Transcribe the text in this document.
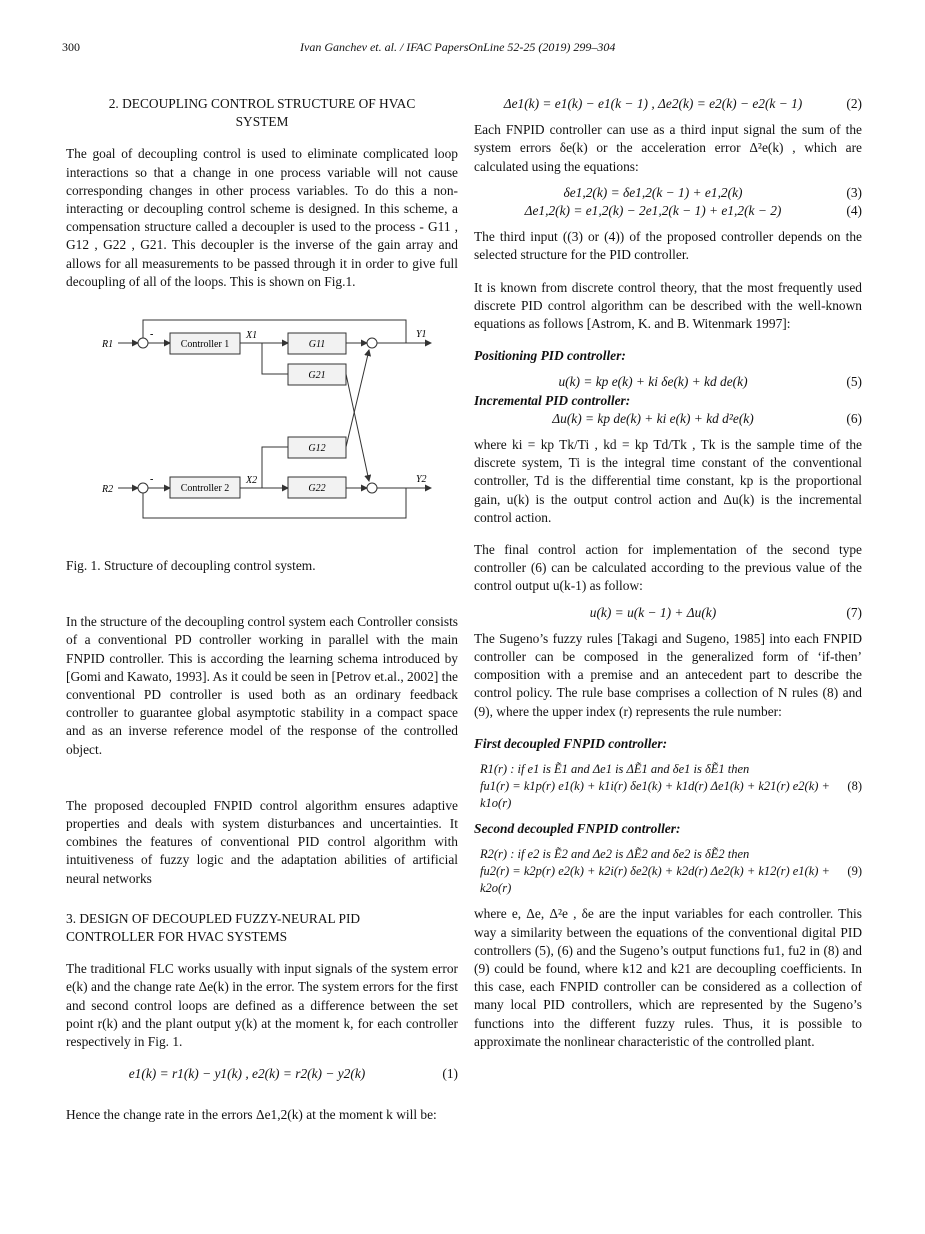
300	Ivan Ganchev et. al. / IFAC PapersOnLine 52-25 (2019) 299–304

2. DECOUPLING CONTROL STRUCTURE OF HVAC

SYSTEM

The goal of decoupling control is used to eliminate complicated loop interactions so that a change in one process variable will not cause corresponding changes in other process variables. To do this a non-interacting or decoupling control scheme is designed. In this scheme, a compensation structure called a decoupler is used to the process - G11 , G12 , G22 , G21. This decoupler is the inverse of the gain array and allows for all measurements to be passed through it in order to give full decoupling of all of the loops. This is shown on Fig.1.

R1
R2
-
-
Controller 1
Controller 2
X1
X2
G11
G21
G12
G22
Y1
Y2

Fig. 1. Structure of decoupling control system.

In the structure of the decoupling control system each Controller consists of a conventional PD controller working in parallel with the main FNPID controller. This is according the learning schema introduced by [Gomi and Kawato, 1993]. As it could be seen in [Petrov et.al., 2002] the conventional PD controller is used both as an ordinary feedback controller to guarantee global asymptotic stability in a compact space and as an inverse reference model of the response of the controlled object.

The proposed decoupled FNPID control algorithm ensures adaptive properties and deals with system disturbances and uncertainties. It combines the features of conventional PID control algorithm with intuitiveness of fuzzy logic and the adaptation abilities of artificial neural networks

3. DESIGN OF DECOUPLED FUZZY-NEURAL PID

CONTROLLER FOR HVAC SYSTEMS

The traditional FLC works usually with input signals of the system error e(k) and the change rate Δe(k) in the error. The system errors for the first and second control loops are defined as a difference between the set point r(k) and the plant output y(k) at the moment k, for each controller respectively in Fig. 1.

e1(k) = r1(k) − y1(k) , e2(k) = r2(k) − y2(k)	(1)

Hence the change rate in the errors Δe1,2(k) at the moment k will be:

Δe1(k) = e1(k) − e1(k − 1) , Δe2(k) = e2(k) − e2(k − 1)	(2)

Each FNPID controller can use as a third input signal the sum of the system errors δe(k) or the acceleration error Δ²e(k) , which are calculated using the equations:

δe1,2(k) = δe1,2(k − 1) + e1,2(k)	(3)
Δe1,2(k) = e1,2(k) − 2e1,2(k − 1) + e1,2(k − 2)	(4)

The third input ((3) or (4)) of the proposed controller depends on the selected structure for the PID controller.

It is known from discrete control theory, that the most frequently used discrete PID control algorithm can be described with the well-known equations as follows [Astrom, K. and B. Witenmark 1997]:

Positioning PID controller:

u(k) = kp e(k) + ki δe(k) + kd de(k)	(5)

Incremental PID controller:

Δu(k) = kp de(k) + ki e(k) + kd d²e(k)	(6)

where ki = kp Tk/Ti , kd = kp Td/Tk , Tk is the sample time of the discrete system, Ti is the integral time constant of the conventional controller, Td is the differential time constant, kp is the proportional gain, u(k) is the output control action and Δu(k) is the incremental control action.

The final control action for implementation of the second type controller (6) can be calculated according to the previous value of the control output u(k-1) as follow:

u(k) = u(k − 1) + Δu(k)	(7)

The Sugeno’s fuzzy rules [Takagi and Sugeno, 1985] into each FNPID controller can be composed in the generalized form of ‘if-then’ composition with a premise and an antecedent part to describe the control policy. The rule base comprises a collection of N rules (8) and (9), where the upper index (r) represents the rule number:

First decoupled FNPID controller:

R1(r) : if e1 is Ẽ1 and Δe1 is ΔẼ1 and δe1 is δẼ1 then
fu1(r) = k1p(r) e1(k) + k1i(r) δe1(k) + k1d(r) Δe1(k) + k21(r) e2(k) + k1o(r)
(8)

Second decoupled FNPID controller:

R2(r) : if e2 is Ẽ2 and Δe2 is ΔẼ2 and δe2 is δẼ2 then
fu2(r) = k2p(r) e2(k) + k2i(r) δe2(k) + k2d(r) Δe2(k) + k12(r) e1(k) + k2o(r)
(9)

where e, Δe, Δ²e , δe are the input variables for each controller. This way a similarity between the equations of the conventional digital PID controllers (5), (6) and the Sugeno’s output functions fu1, fu2 in (8) and (9) could be found, where k12 and k21 are decoupling coefficients. In this case, each FNPID controller can be considered as a collection of many local PID controllers, which are represented by the Sugeno’s functions into the different fuzzy rules. Thus, it is possible to approximate the nonlinear characteristic of the controlled plant.
